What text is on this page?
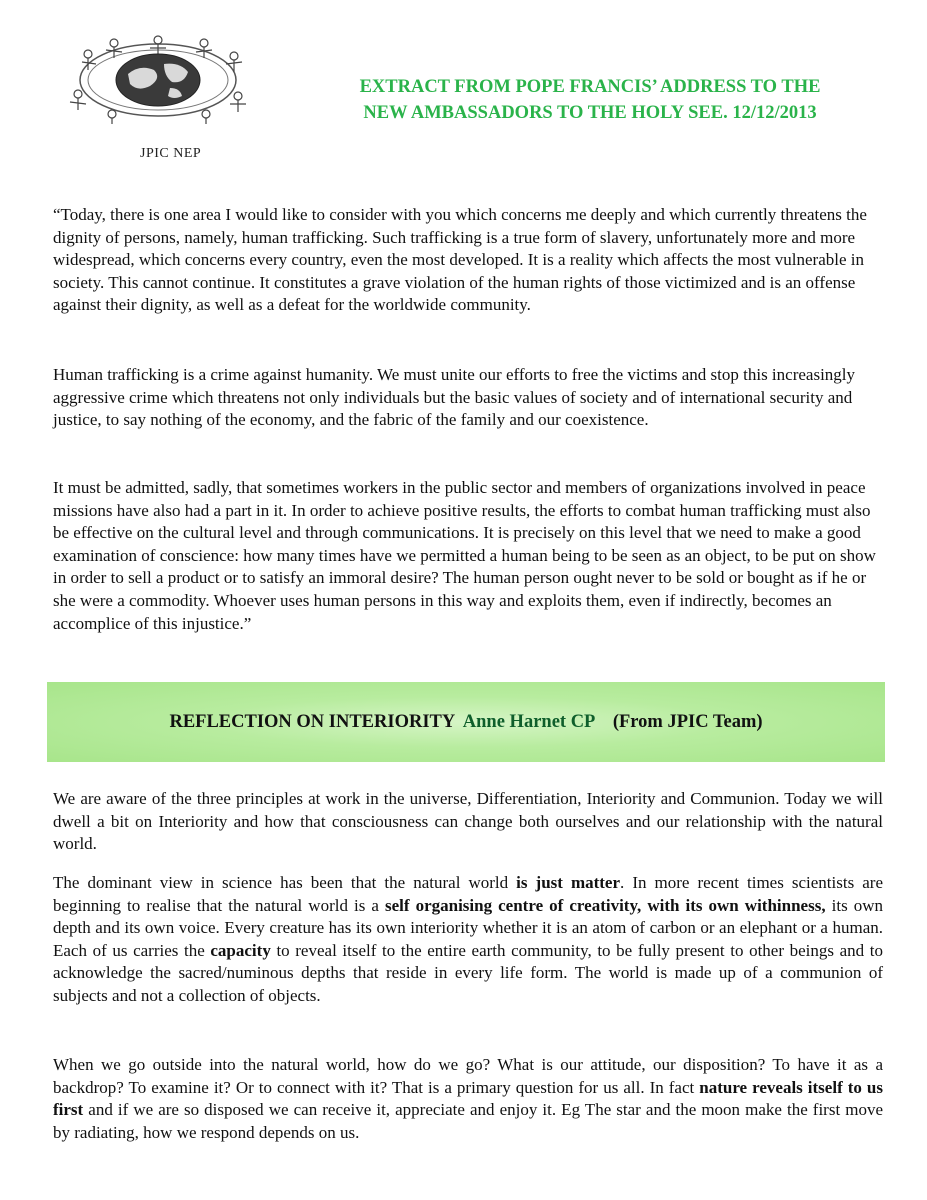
JPIC NEP
EXTRACT FROM POPE FRANCIS’ ADDRESS TO THE
NEW AMBASSADORS TO THE HOLY SEE. 12/12/2013

“Today, there is one area I would like to consider with you which concerns me deeply and which currently threatens the dignity of persons, namely, human trafficking. Such trafficking is a true form of slavery, unfortunately more and more widespread, which concerns every country, even the most developed. It is a reality which affects the most vulnerable in society. This cannot continue. It constitutes a grave violation of the human rights of those victimized and is an offense against their dignity, as well as a defeat for the worldwide community.

Human trafficking is a crime against humanity. We must unite our efforts to free the victims and stop this increasingly aggressive crime which threatens not only individuals but the basic values of society and of international security and justice, to say nothing of the economy, and the fabric of the family and our coexistence.

It must be admitted, sadly, that sometimes workers in the public sector and members of organizations involved in peace missions have also had a part in it. In order to achieve positive results, the efforts to combat human trafficking must also be effective on the cultural level and through communications. It is precisely on this level that we need to make a good examination of conscience: how many times have we permitted a human being to be seen as an object, to be put on show in order to sell a product or to satisfy an immoral desire? The human person ought never to be sold or bought as if he or she were a commodity. Whoever uses human persons in this way and exploits them, even if indirectly, becomes an accomplice of this injustice.”

REFLECTION ON INTERIORITY Anne Harnet CP (From JPIC Team)

We are aware of the three principles at work in the universe, Differentiation, Interiority and Communion. Today we will dwell a bit on Interiority and how that consciousness can change both ourselves and our relationship with the natural world.

The dominant view in science has been that the natural world is just matter. In more recent times scientists are beginning to realise that the natural world is a self organising centre of creativity, with its own withinness, its own depth and its own voice. Every creature has its own interiority whether it is an atom of carbon or an elephant or a human. Each of us carries the capacity to reveal itself to the entire earth community, to be fully present to other beings and to acknowledge the sacred/numinous depths that reside in every life form. The world is made up of a communion of subjects and not a collection of objects.

When we go outside into the natural world, how do we go? What is our attitude, our disposition? To have it as a backdrop? To examine it? Or to connect with it? That is a primary question for us all. In fact nature reveals itself to us first and if we are so disposed we can receive it, appreciate and enjoy it. Eg The star and the moon make the first move by radiating, how we respond depends on us.
